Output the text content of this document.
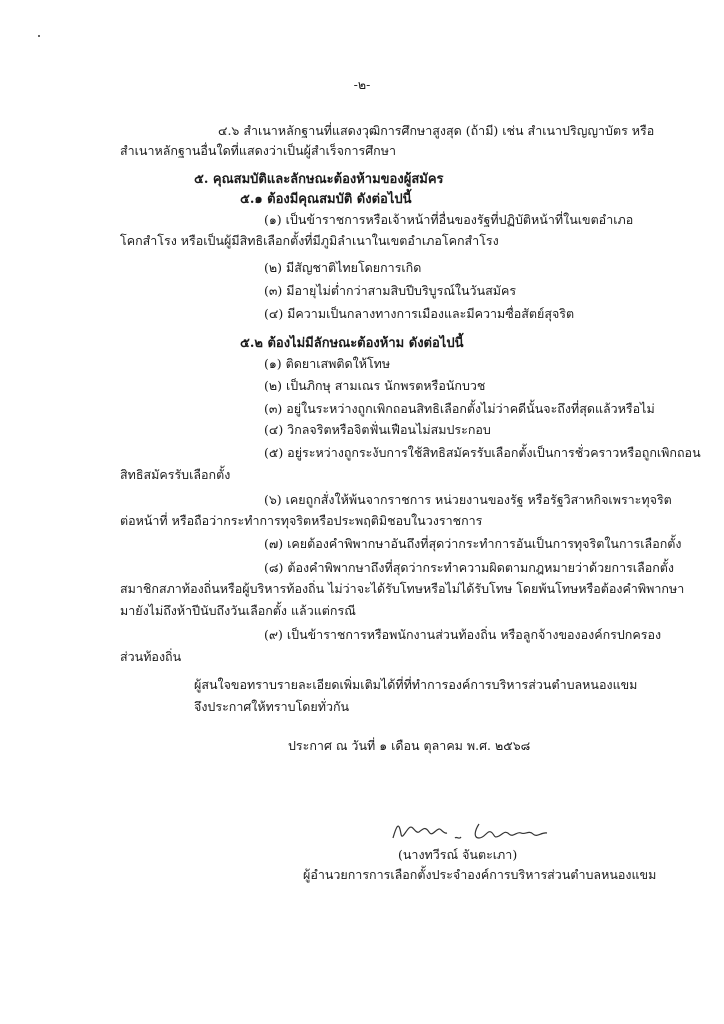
-๒-
๔.๖ สำเนาหลักฐานที่แสดงวุฒิการศึกษาสูงสุด (ถ้ามี) เช่น สำเนาปริญญาบัตร หรือ
สำเนาหลักฐานอื่นใดที่แสดงว่าเป็นผู้สำเร็จการศึกษา
๕. คุณสมบัติและลักษณะต้องห้ามของผู้สมัคร
๕.๑ ต้องมีคุณสมบัติ ดังต่อไปนี้
(๑) เป็นข้าราชการหรือเจ้าหน้าที่อื่นของรัฐที่ปฏิบัติหน้าที่ในเขตอำเภอ
โคกสำโรง หรือเป็นผู้มีสิทธิเลือกตั้งที่มีภูมิลำเนาในเขตอำเภอโคกสำโรง
(๒) มีสัญชาติไทยโดยการเกิด
(๓) มีอายุไม่ต่ำกว่าสามสิบปีบริบูรณ์ในวันสมัคร
(๔) มีความเป็นกลางทางการเมืองและมีความซื่อสัตย์สุจริต
๕.๒ ต้องไม่มีลักษณะต้องห้าม ดังต่อไปนี้
(๑) ติดยาเสพติดให้โทษ
(๒) เป็นภิกษุ สามเณร นักพรตหรือนักบวช
(๓) อยู่ในระหว่างถูกเพิกถอนสิทธิเลือกตั้งไม่ว่าคดีนั้นจะถึงที่สุดแล้วหรือไม่
(๔) วิกลจริตหรือจิตฟั่นเฟือนไม่สมประกอบ
(๕) อยู่ระหว่างถูกระงับการใช้สิทธิสมัครรับเลือกตั้งเป็นการชั่วคราวหรือถูกเพิกถอน
สิทธิสมัครรับเลือกตั้ง
(๖) เคยถูกสั่งให้พ้นจากราชการ หน่วยงานของรัฐ หรือรัฐวิสาหกิจเพราะทุจริต
ต่อหน้าที่ หรือถือว่ากระทำการทุจริตหรือประพฤติมิชอบในวงราชการ
(๗) เคยต้องคำพิพากษาอันถึงที่สุดว่ากระทำการอันเป็นการทุจริตในการเลือกตั้ง
(๘) ต้องคำพิพากษาถึงที่สุดว่ากระทำความผิดตามกฎหมายว่าด้วยการเลือกตั้ง
สมาชิกสภาท้องถิ่นหรือผู้บริหารท้องถิ่น ไม่ว่าจะได้รับโทษหรือไม่ได้รับโทษ โดยพ้นโทษหรือต้องคำพิพากษา
มายังไม่ถึงห้าปีนับถึงวันเลือกตั้ง แล้วแต่กรณี
(๙) เป็นข้าราชการหรือพนักงานส่วนท้องถิ่น หรือลูกจ้างขององค์กรปกครอง
ส่วนท้องถิ่น
ผู้สนใจขอทราบรายละเอียดเพิ่มเติมได้ที่ที่ทำการองค์การบริหารส่วนตำบลหนองแขม
จึงประกาศให้ทราบโดยทั่วกัน
ประกาศ ณ วันที่ ๑ เดือน ตุลาคม พ.ศ. ๒๕๖๘
(นางทวีรณ์ จันตะเภา)
ผู้อำนวยการการเลือกตั้งประจำองค์การบริหารส่วนตำบลหนองแขม
